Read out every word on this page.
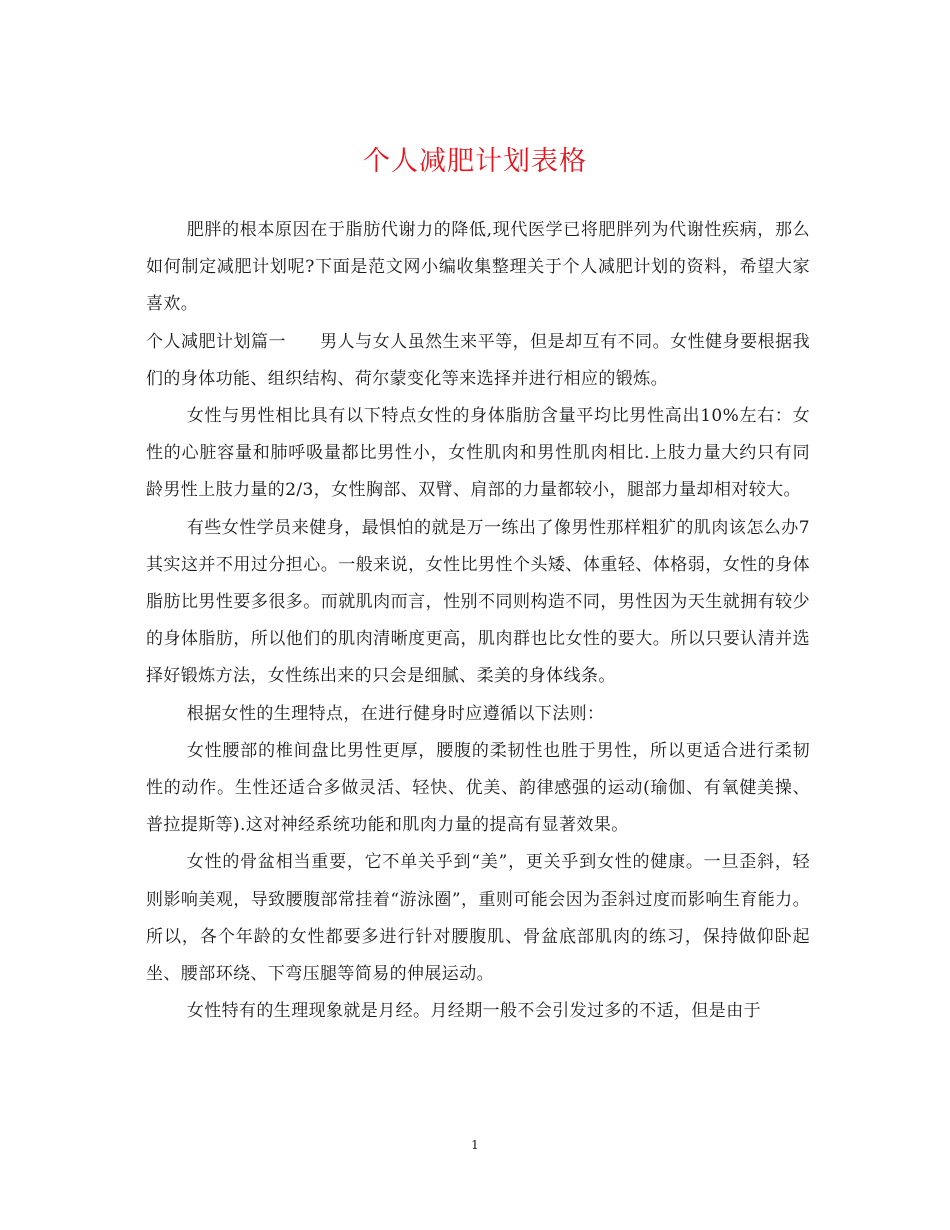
个人减肥计划表格

肥胖的根本原因在于脂肪代谢力的降低,现代医学已将肥胖列为代谢性疾病，那么如何制定减肥计划呢?下面是范文网小编收集整理关于个人减肥计划的资料，希望大家喜欢。

个人减肥计划篇一 男人与女人虽然生来平等，但是却互有不同。女性健身要根据我们的身体功能、组织结构、荷尔蒙变化等来选择并进行相应的锻炼。

女性与男性相比具有以下特点女性的身体脂肪含量平均比男性高出10%左右：女性的心脏容量和肺呼吸量都比男性小，女性肌肉和男性肌肉相比.上肢力量大约只有同龄男性上肢力量的2/3，女性胸部、双臂、肩部的力量都较小，腿部力量却相对较大。

有些女性学员来健身，最惧怕的就是万一练出了像男性那样粗犷的肌肉该怎么办7其实这并不用过分担心。一般来说，女性比男性个头矮、体重轻、体格弱，女性的身体脂肪比男性要多很多。而就肌肉而言，性别不同则构造不同，男性因为天生就拥有较少的身体脂肪，所以他们的肌肉清晰度更高，肌肉群也比女性的要大。所以只要认清并选择好锻炼方法，女性练出来的只会是细腻、柔美的身体线条。

根据女性的生理特点，在进行健身时应遵循以下法则：

女性腰部的椎间盘比男性更厚，腰腹的柔韧性也胜于男性，所以更适合进行柔韧性的动作。生性还适合多做灵活、轻快、优美、韵律感强的运动(瑜伽、有氧健美操、普拉提斯等).这对神经系统功能和肌肉力量的提高有显著效果。

女性的骨盆相当重要，它不单关乎到“美”，更关乎到女性的健康。一旦歪斜，轻则影响美观，导致腰腹部常挂着“游泳圈”，重则可能会因为歪斜过度而影响生育能力。所以，各个年龄的女性都要多进行针对腰腹肌、骨盆底部肌肉的练习，保持做仰卧起坐、腰部环绕、下弯压腿等简易的伸展运动。

女性特有的生理现象就是月经。月经期一般不会引发过多的不适，但是由于

1
